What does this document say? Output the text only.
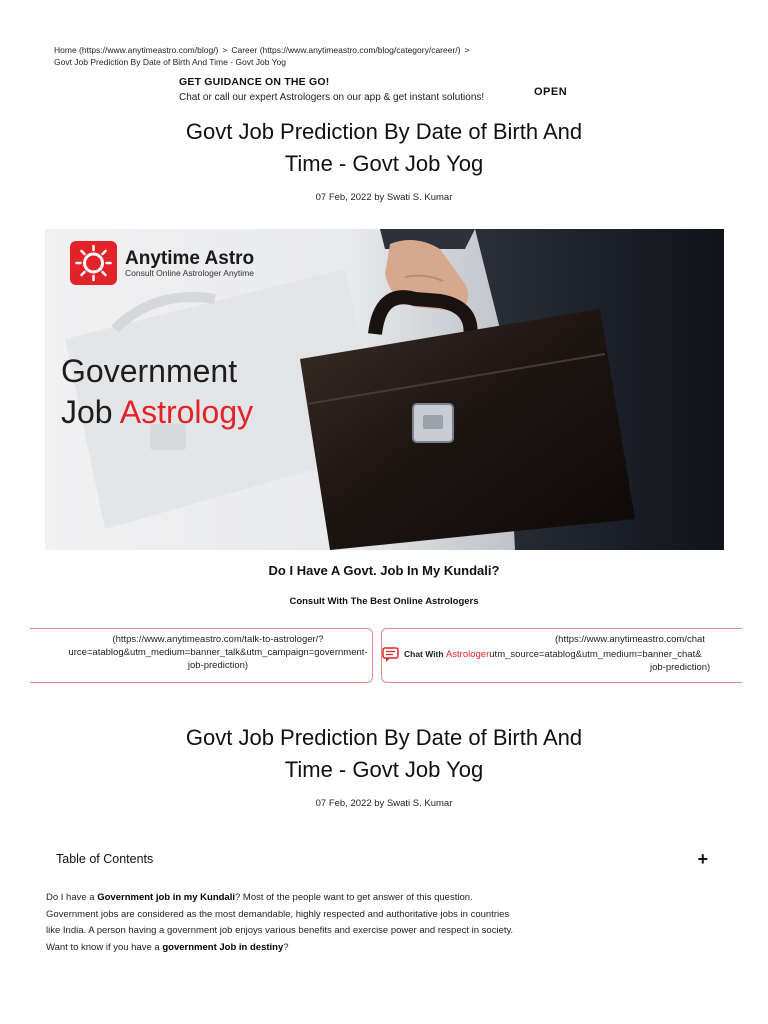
Home (https://www.anytimeastro.com/blog/) > Career (https://www.anytimeastro.com/blog/category/career/) >
Govt Job Prediction By Date of Birth And Time - Govt Job Yog
GET GUIDANCE ON THE GO!
Chat or call our expert Astrologers on our app & get instant solutions!	OPEN
Govt Job Prediction By Date of Birth And
Time - Govt Job Yog
07 Feb, 2022 by Swati S. Kumar
Anytime Astro
Consult Online Astrologer Anytime
Government
Job Astrology
Do I Have A Govt. Job In My Kundali?
Consult With The Best Online Astrologers
(https://www.anytimeastro.com/talk-to-astrologer/?
urce=atablog&utm_medium=banner_talk&utm_campaign=government-
job-prediction)
(https://www.anytimeastro.com/chat
Chat With Astrologerutm_source=atablog&utm_medium=banner_chat&
job-prediction)
Govt Job Prediction By Date of Birth And
Time - Govt Job Yog
07 Feb, 2022 by Swati S. Kumar
Table of Contents	+
Do I have a Government job in my Kundali? Most of the people want to get answer of this question. Government jobs are considered as the most demandable, highly respected and authoritative jobs in countries like India. A person having a government job enjoys various benefits and exercise power and respect in society. Want to know if you have a government Job in destiny?
